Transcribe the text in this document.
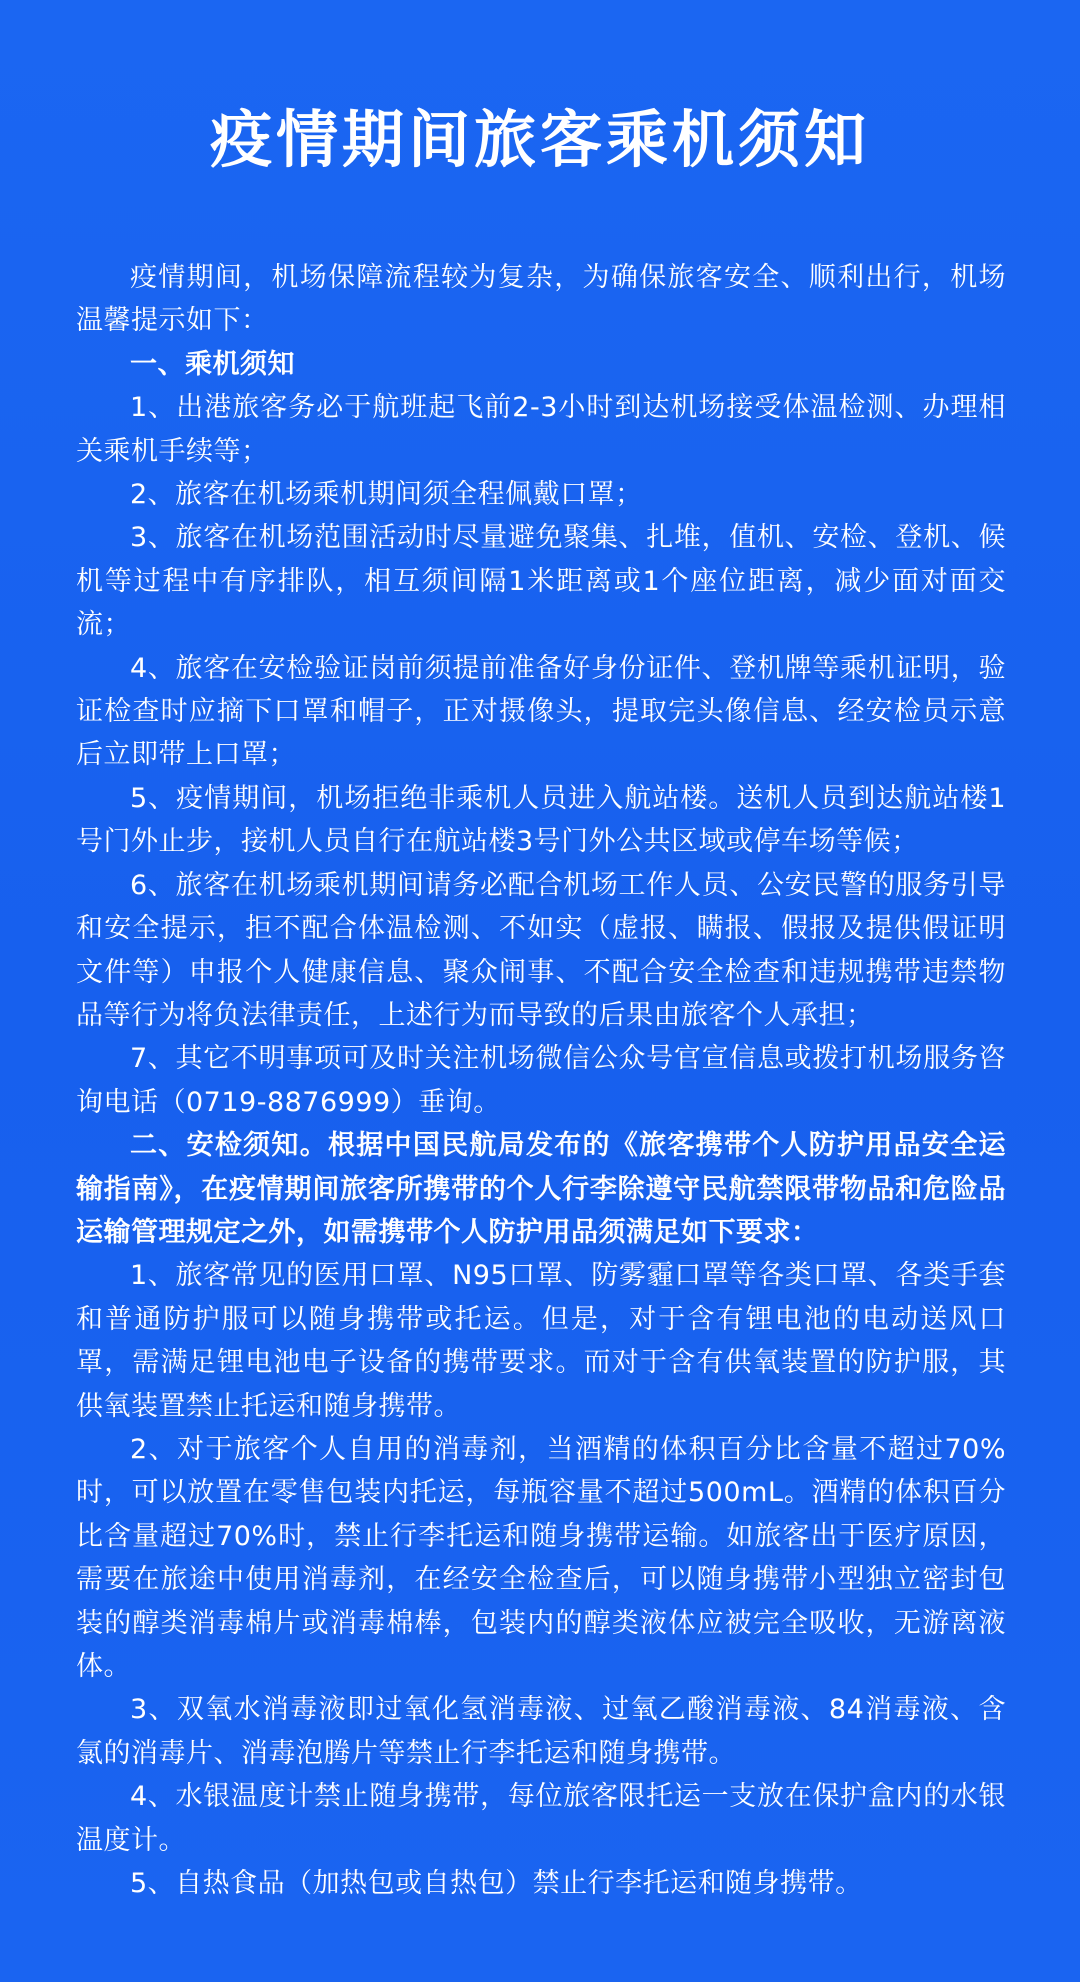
疫情期间旅客乘机须知

疫情期间，机场保障流程较为复杂，为确保旅客安全、顺利出行，机场温馨提示如下：

一、乘机须知

1、出港旅客务必于航班起飞前2-3小时到达机场接受体温检测、办理相关乘机手续等；

2、旅客在机场乘机期间须全程佩戴口罩；

3、旅客在机场范围活动时尽量避免聚集、扎堆，值机、安检、登机、候机等过程中有序排队，相互须间隔1米距离或1个座位距离，减少面对面交流；

4、旅客在安检验证岗前须提前准备好身份证件、登机牌等乘机证明，验证检查时应摘下口罩和帽子，正对摄像头，提取完头像信息、经安检员示意后立即带上口罩；

5、疫情期间，机场拒绝非乘机人员进入航站楼。送机人员到达航站楼1号门外止步，接机人员自行在航站楼3号门外公共区域或停车场等候；

6、旅客在机场乘机期间请务必配合机场工作人员、公安民警的服务引导和安全提示，拒不配合体温检测、不如实（虚报、瞒报、假报及提供假证明文件等）申报个人健康信息、聚众闹事、不配合安全检查和违规携带违禁物品等行为将负法律责任，上述行为而导致的后果由旅客个人承担；

7、其它不明事项可及时关注机场微信公众号官宣信息或拨打机场服务咨询电话（0719-8876999）垂询。

二、安检须知。根据中国民航局发布的《旅客携带个人防护用品安全运输指南》，在疫情期间旅客所携带的个人行李除遵守民航禁限带物品和危险品运输管理规定之外，如需携带个人防护用品须满足如下要求：

1、旅客常见的医用口罩、N95口罩、防雾霾口罩等各类口罩、各类手套和普通防护服可以随身携带或托运。但是，对于含有锂电池的电动送风口罩，需满足锂电池电子设备的携带要求。而对于含有供氧装置的防护服，其供氧装置禁止托运和随身携带。

2、对于旅客个人自用的消毒剂，当酒精的体积百分比含量不超过70%时，可以放置在零售包装内托运，每瓶容量不超过500mL。酒精的体积百分比含量超过70%时，禁止行李托运和随身携带运输。如旅客出于医疗原因，需要在旅途中使用消毒剂，在经安全检查后，可以随身携带小型独立密封包装的醇类消毒棉片或消毒棉棒，包装内的醇类液体应被完全吸收，无游离液体。

3、双氧水消毒液即过氧化氢消毒液、过氧乙酸消毒液、84消毒液、含氯的消毒片、消毒泡腾片等禁止行李托运和随身携带。

4、水银温度计禁止随身携带，每位旅客限托运一支放在保护盒内的水银温度计。

5、自热食品（加热包或自热包）禁止行李托运和随身携带。
